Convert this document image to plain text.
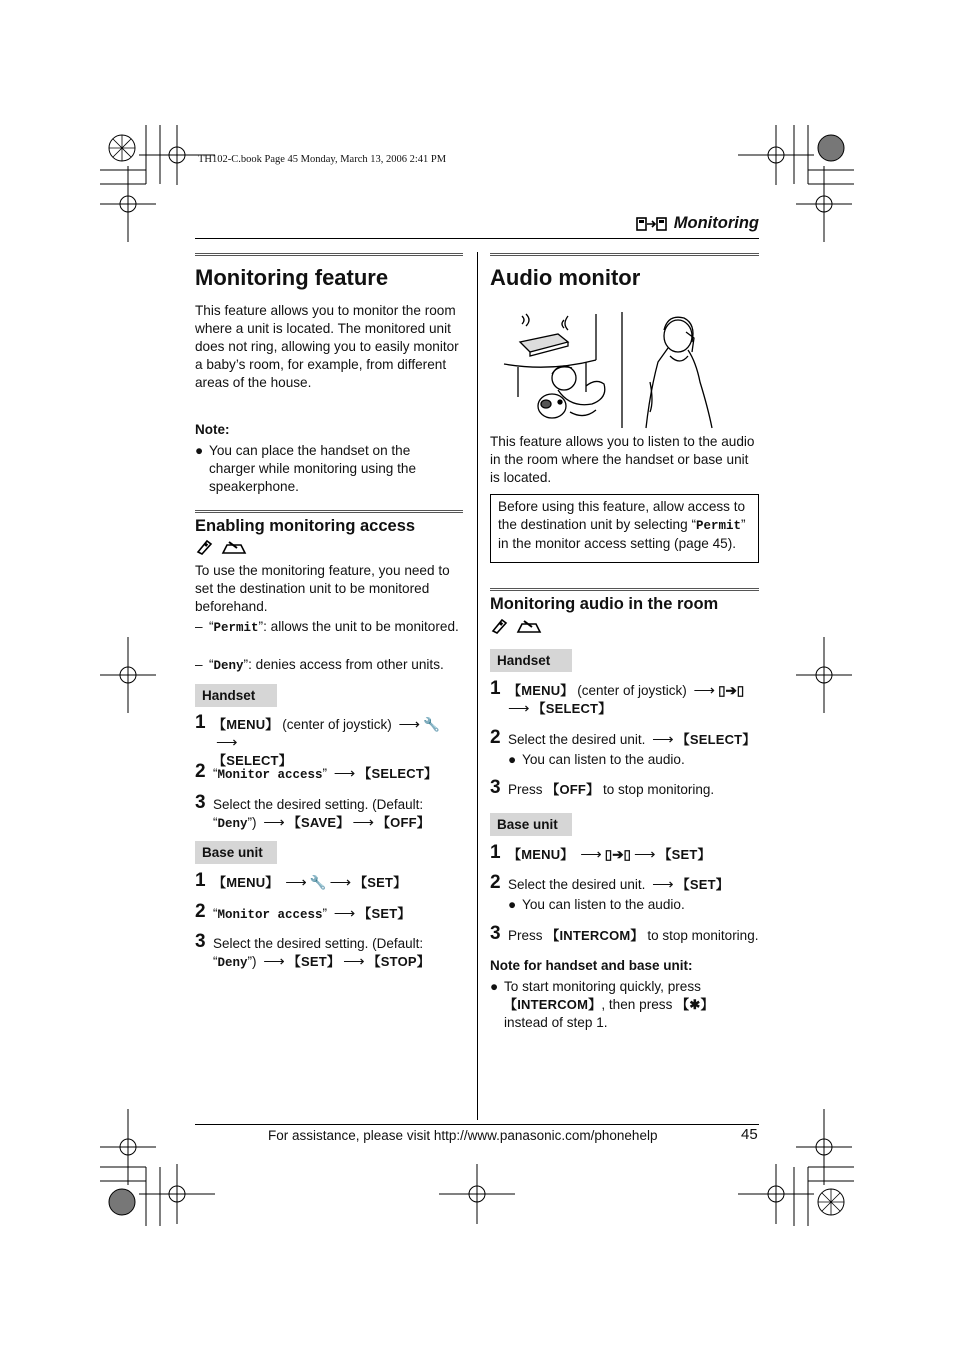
TH102-C.book Page 45 Monday, March 13, 2006 2:41 PM
Monitoring
Monitoring feature
This feature allows you to monitor the room where a unit is located. The monitored unit does not ring, allowing you to easily monitor a baby’s room, for example, from different areas of the house.
Note:
● You can place the handset on the charger while monitoring using the speakerphone.
Enabling monitoring access
To use the monitoring feature, you need to set the destination unit to be monitored beforehand.
– “Permit”: allows the unit to be monitored.
– “Deny”: denies access from other units.
Handset
1 【MENU】 (center of joystick) ⟶ 🔧⟶
【SELECT】
2 “Monitor access” ⟶ 【SELECT】
3 Select the desired setting. (Default:
“Deny”) ⟶ 【SAVE】 ⟶ 【OFF】
Base unit
1 【MENU】 ⟶ 🔧 ⟶ 【SET】
2 “Monitor access” ⟶ 【SET】
3 Select the desired setting. (Default:
“Deny”) ⟶ 【SET】 ⟶ 【STOP】
Audio monitor
This feature allows you to listen to the audio in the room where the handset or base unit is located.
Before using this feature, allow access to the destination unit by selecting “Permit” in the monitor access setting (page 45).
Monitoring audio in the room
Handset
1 【MENU】 (center of joystick) ⟶ ▯➔▯
⟶ 【SELECT】
2 Select the desired unit. ⟶ 【SELECT】
● You can listen to the audio.
3 Press 【OFF】 to stop monitoring.
Base unit
1 【MENU】 ⟶ ▯➔▯ ⟶ 【SET】
2 Select the desired unit. ⟶ 【SET】
● You can listen to the audio.
3 Press 【INTERCOM】 to stop monitoring.
Note for handset and base unit:
● To start monitoring quickly, press
【INTERCOM】, then press 【✱】 instead of step 1.
For assistance, please visit http://www.panasonic.com/phonehelp	45
